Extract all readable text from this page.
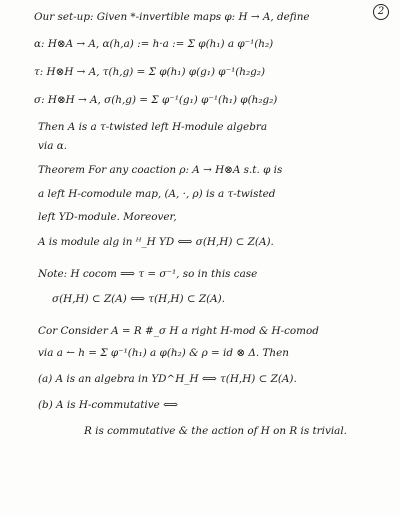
2
Our set-up: Given *-invertible maps φ: H → A, define
α: H⊗A → A, α(h,a) := h·a := Σ φ(h₁) a φ⁻¹(h₂)
τ: H⊗H → A, τ(h,g) = Σ φ(h₁) φ(g₁) φ⁻¹(h₂g₂)
σ: H⊗H → A, σ(h,g) = Σ φ⁻¹(g₁) φ⁻¹(h₁) φ(h₂g₂)
Then A is a τ-twisted left H-module algebra
via α.
Theorem For any coaction ρ: A → H⊗A s.t. φ is
a left H-comodule map, (A, ·, ρ) is a τ-twisted
left YD-module. Moreover,
A is module alg in ᴴ_H YD ⟺ σ(H,H) ⊂ Z(A).
Note: H cocom ⟹ τ = σ⁻¹, so in this case
σ(H,H) ⊂ Z(A) ⟺ τ(H,H) ⊂ Z(A).
Cor Consider A = R #_σ H a right H-mod & H-comod
via a ↼ h = Σ φ⁻¹(h₁) a φ(h₂) & ρ = id ⊗ Δ. Then
(a) A is an algebra in YD^H_H ⟺ τ(H,H) ⊂ Z(A).
(b) A is H-commutative ⟺
R is commutative & the action of H on R is trivial.
